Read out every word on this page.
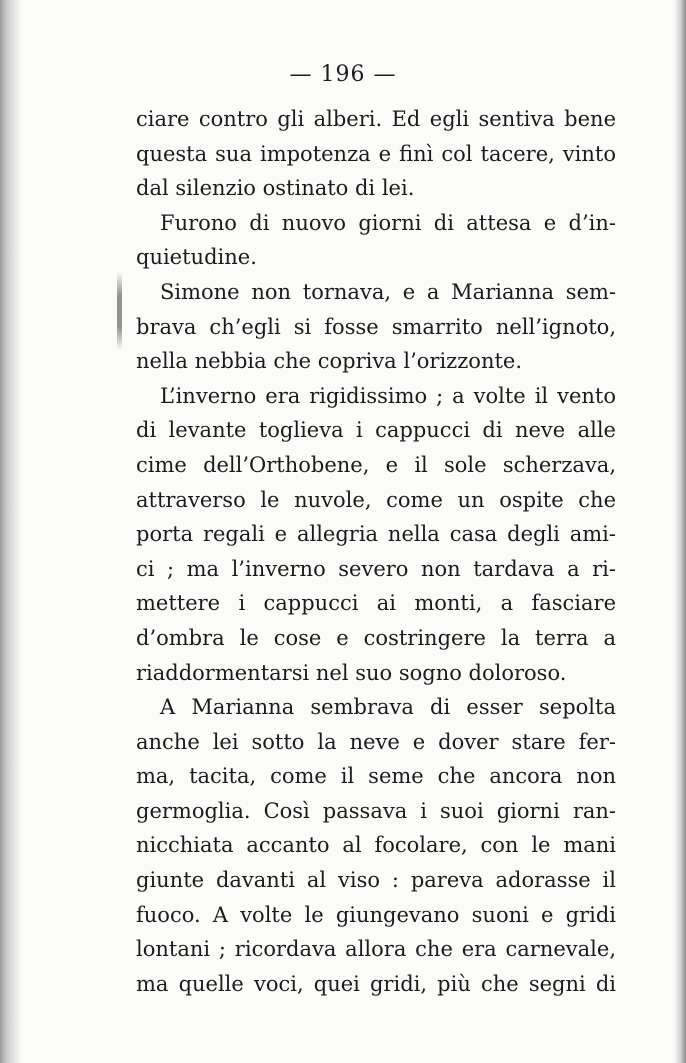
— 196 —
ciare contro gli alberi. Ed egli sentiva bene
questa sua impotenza e finì col tacere, vinto
dal silenzio ostinato di lei.
Furono di nuovo giorni di attesa e d’in-
quietudine.
Simone non tornava, e a Marianna sem-
brava ch’egli si fosse smarrito nell’ignoto,
nella nebbia che copriva l’orizzonte.
L’inverno era rigidissimo ; a volte il vento
di levante toglieva i cappucci di neve alle
cime dell’Orthobene, e il sole scherzava,
attraverso le nuvole, come un ospite che
porta regali e allegria nella casa degli ami-
ci ; ma l’inverno severo non tardava a ri-
mettere i cappucci ai monti, a fasciare
d’ombra le cose e costringere la terra a
riaddormentarsi nel suo sogno doloroso.
A Marianna sembrava di esser sepolta
anche lei sotto la neve e dover stare fer-
ma, tacita, come il seme che ancora non
germoglia. Così passava i suoi giorni ran-
nicchiata accanto al focolare, con le mani
giunte davanti al viso : pareva adorasse il
fuoco. A volte le giungevano suoni e gridi
lontani ; ricordava allora che era carnevale,
ma quelle voci, quei gridi, più che segni di
